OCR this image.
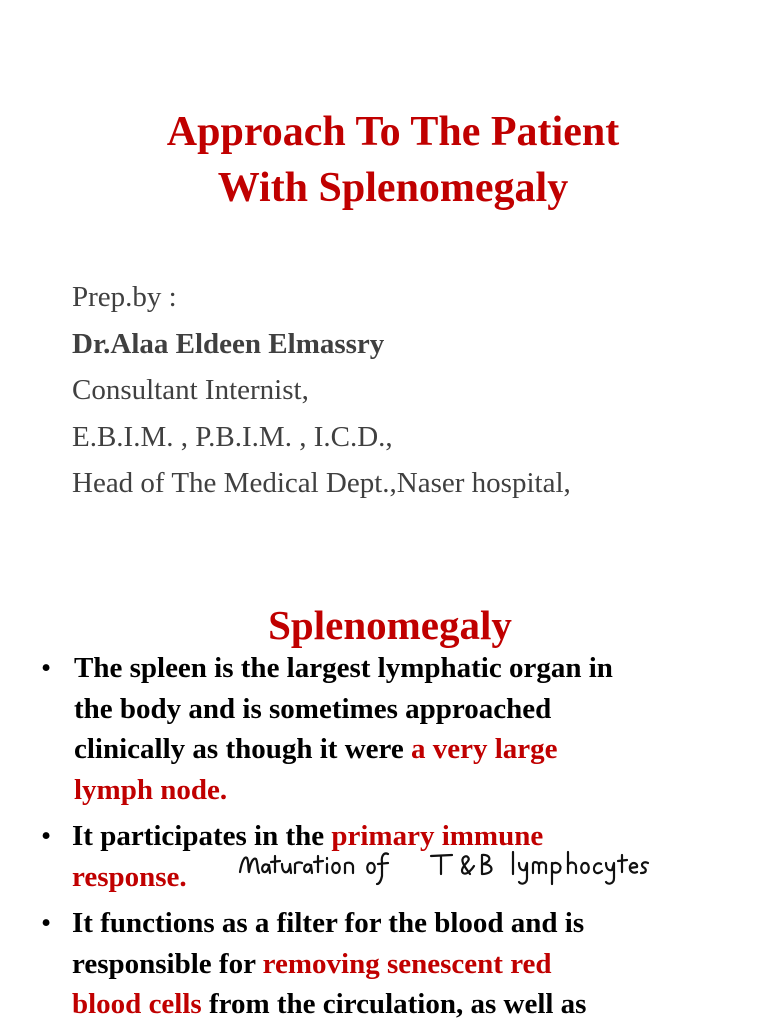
Approach To The Patient
With Splenomegaly
Prep.by :
Dr.Alaa Eldeen Elmassry
Consultant Internist,
E.B.I.M. , P.B.I.M. , I.C.D.,
Head of The Medical Dept.,Naser hospital,
Splenomegaly
• The spleen is the largest lymphatic organ in
the body and is sometimes approached
clinically as though it were a very large
lymph node.
• It participates in the primary immune
response.
• It functions as a filter for the blood and is
responsible for removing senescent red
blood cells from the circulation, as well as
